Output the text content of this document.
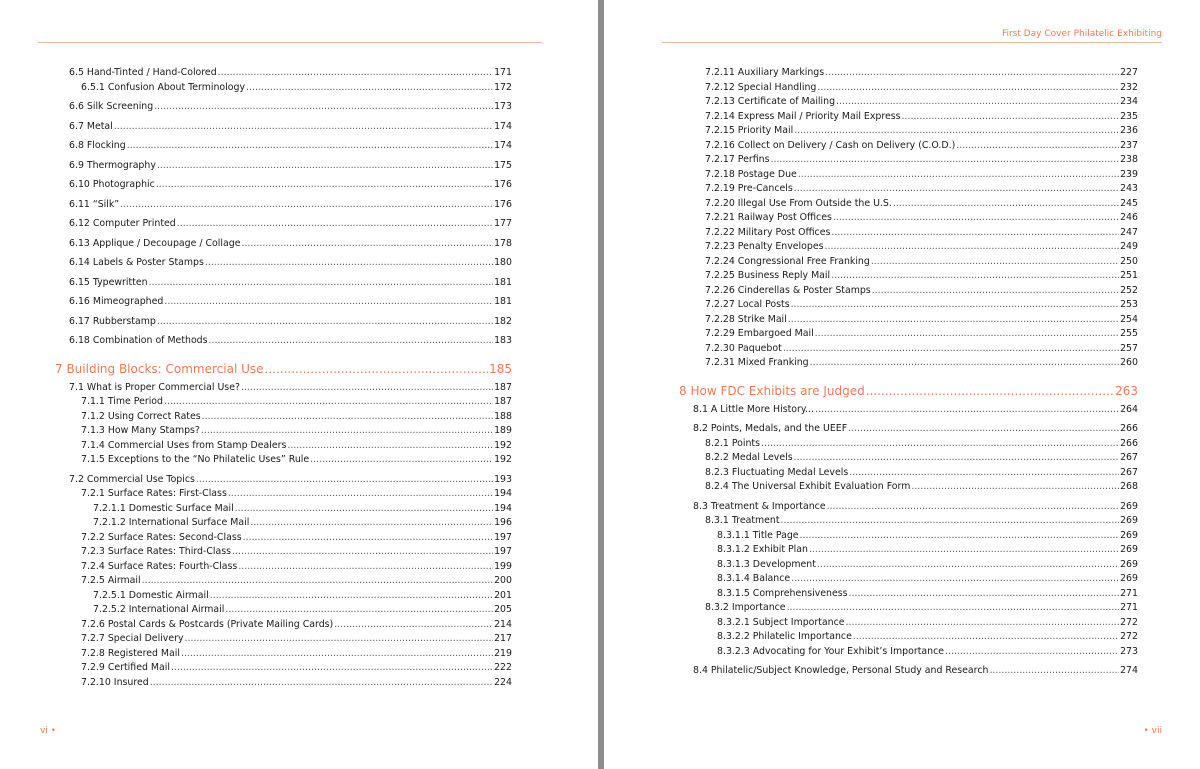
6.5 Hand-Tinted / Hand-Colored .....	171
6.5.1 Confusion About Terminology .....	172
6.6 Silk Screening .....	173
6.7 Metal .....	174
6.8 Flocking .....	174
6.9 Thermography .....	175
6.10 Photographic .....	176
6.11 “Silk” .....	176
6.12 Computer Printed .....	177
6.13 Applique / Decoupage / Collage .....	178
6.14 Labels & Poster Stamps .....	180
6.15 Typewritten .....	181
6.16 Mimeographed .....	181
6.17 Rubberstamp .....	182
6.18 Combination of Methods .....	183
7 Building Blocks: Commercial Use .....	185
7.1 What is Proper Commercial Use? .....	187
7.1.1 Time Period .....	187
7.1.2 Using Correct Rates .....	188
7.1.3 How Many Stamps? .....	189
7.1.4 Commercial Uses from Stamp Dealers .....	192
7.1.5 Exceptions to the “No Philatelic Uses” Rule .....	192
7.2 Commercial Use Topics .....	193
7.2.1 Surface Rates: First-Class .....	194
7.2.1.1 Domestic Surface Mail .....	194
7.2.1.2 International Surface Mail .....	196
7.2.2 Surface Rates: Second-Class .....	197
7.2.3 Surface Rates: Third-Class .....	197
7.2.4 Surface Rates: Fourth-Class .....	199
7.2.5 Airmail .....	200
7.2.5.1 Domestic Airmail .....	201
7.2.5.2 International Airmail .....	205
7.2.6 Postal Cards & Postcards (Private Mailing Cards) .....	214
7.2.7 Special Delivery .....	217
7.2.8 Registered Mail .....	219
7.2.9 Certified Mail .....	222
7.2.10 Insured .....	224
vi •
First Day Cover Philatelic Exhibiting
7.2.11 Auxiliary Markings .....	227
7.2.12 Special Handling .....	232
7.2.13 Certificate of Mailing .....	234
7.2.14 Express Mail / Priority Mail Express .....	235
7.2.15 Priority Mail .....	236
7.2.16 Collect on Delivery / Cash on Delivery (C.O.D.) .....	237
7.2.17 Perfins .....	238
7.2.18 Postage Due .....	239
7.2.19 Pre-Cancels .....	243
7.2.20 Illegal Use From Outside the U.S. .....	245
7.2.21 Railway Post Offices .....	246
7.2.22 Military Post Offices .....	247
7.2.23 Penalty Envelopes .....	249
7.2.24 Congressional Free Franking .....	250
7.2.25 Business Reply Mail .....	251
7.2.26 Cinderellas & Poster Stamps .....	252
7.2.27 Local Posts .....	253
7.2.28 Strike Mail .....	254
7.2.29 Embargoed Mail .....	255
7.2.30 Paquebot .....	257
7.2.31 Mixed Franking .....	260
8 How FDC Exhibits are Judged .....	263
8.1 A Little More History... .....	264
8.2 Points, Medals, and the UEEF .....	266
8.2.1 Points .....	266
8.2.2 Medal Levels .....	267
8.2.3 Fluctuating Medal Levels .....	267
8.2.4 The Universal Exhibit Evaluation Form .....	268
8.3 Treatment & Importance .....	269
8.3.1 Treatment .....	269
8.3.1.1 Title Page .....	269
8.3.1.2 Exhibit Plan .....	269
8.3.1.3 Development .....	269
8.3.1.4 Balance .....	269
8.3.1.5 Comprehensiveness .....	271
8.3.2 Importance .....	271
8.3.2.1 Subject Importance .....	272
8.3.2.2 Philatelic Importance .....	272
8.3.2.3 Advocating for Your Exhibit’s Importance .....	273
8.4 Philatelic/Subject Knowledge, Personal Study and Research .....	274
• vii
